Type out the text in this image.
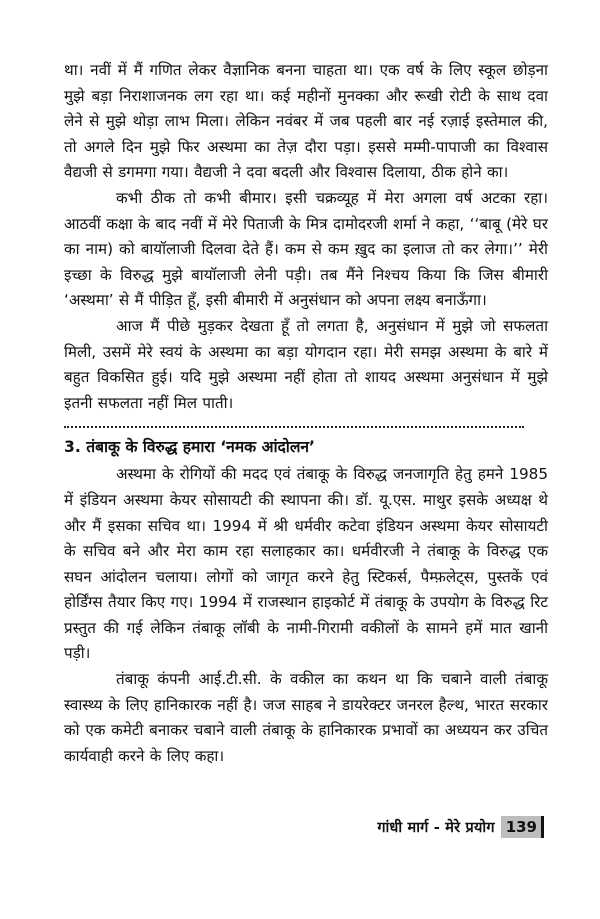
था। नवीं में मैं गणित लेकर वैज्ञानिक बनना चाहता था। एक वर्ष के लिए स्कूल छोड़ना मुझे बड़ा निराशाजनक लग रहा था। कई महीनों मुनक्का और रूखी रोटी के साथ दवा लेने से मुझे थोड़ा लाभ मिला। लेकिन नवंबर में जब पहली बार नई रज़ाई इस्तेमाल की, तो अगले दिन मुझे फिर अस्थमा का तेज़ दौरा पड़ा। इससे मम्मी-पापाजी का विश्वास वैद्यजी से डगमगा गया। वैद्यजी ने दवा बदली और विश्वास दिलाया, ठीक होने का।

कभी ठीक तो कभी बीमार। इसी चक्रव्यूह में मेरा अगला वर्ष अटका रहा। आठवीं कक्षा के बाद नवीं में मेरे पिताजी के मित्र दामोदरजी शर्मा ने कहा, ‘‘बाबू (मेरे घर का नाम) को बायॉलाजी दिलवा देते हैं। कम से कम ख़ुद का इलाज तो कर लेगा।’’ मेरी इच्छा के विरुद्ध मुझे बायॉलाजी लेनी पड़ी। तब मैंने निश्चय किया कि जिस बीमारी ‘अस्थमा’ से मैं पीड़ित हूँ, इसी बीमारी में अनुसंधान को अपना लक्ष्य बनाऊँगा।

आज मैं पीछे मुड़कर देखता हूँ तो लगता है, अनुसंधान में मुझे जो सफलता मिली, उसमें मेरे स्वयं के अस्थमा का बड़ा योगदान रहा। मेरी समझ अस्थमा के बारे में बहुत विकसित हुई। यदि मुझे अस्थमा नहीं होता तो शायद अस्थमा अनुसंधान में मुझे इतनी सफलता नहीं मिल पाती।

3. तंबाकू के विरुद्ध हमारा ‘नमक आंदोलन’

अस्थमा के रोगियों की मदद एवं तंबाकू के विरुद्ध जनजागृति हेतु हमने 1985 में इंडियन अस्थमा केयर सोसायटी की स्थापना की। डॉ. यू.एस. माथुर इसके अध्यक्ष थे और मैं इसका सचिव था। 1994 में श्री धर्मवीर कटेवा इंडियन अस्थमा केयर सोसायटी के सचिव बने और मेरा काम रहा सलाहकार का। धर्मवीरजी ने तंबाकू के विरुद्ध एक सघन आंदोलन चलाया। लोगों को जागृत करने हेतु स्टिकर्स, पैम्फ़लेट्स, पुस्तकें एवं होर्डिंग्स तैयार किए गए। 1994 में राजस्थान हाइकोर्ट में तंबाकू के उपयोग के विरुद्ध रिट प्रस्तुत की गई लेकिन तंबाकू लॉबी के नामी-गिरामी वकीलों के सामने हमें मात खानी पड़ी।

तंबाकू कंपनी आई.टी.सी. के वकील का कथन था कि चबाने वाली तंबाकू स्वास्थ्य के लिए हानिकारक नहीं है। जज साहब ने डायरेक्टर जनरल हैल्थ, भारत सरकार को एक कमेटी बनाकर चबाने वाली तंबाकू के हानिकारक प्रभावों का अध्ययन कर उचित कार्यवाही करने के लिए कहा।

गांधी मार्ग - मेरे प्रयोग 139
